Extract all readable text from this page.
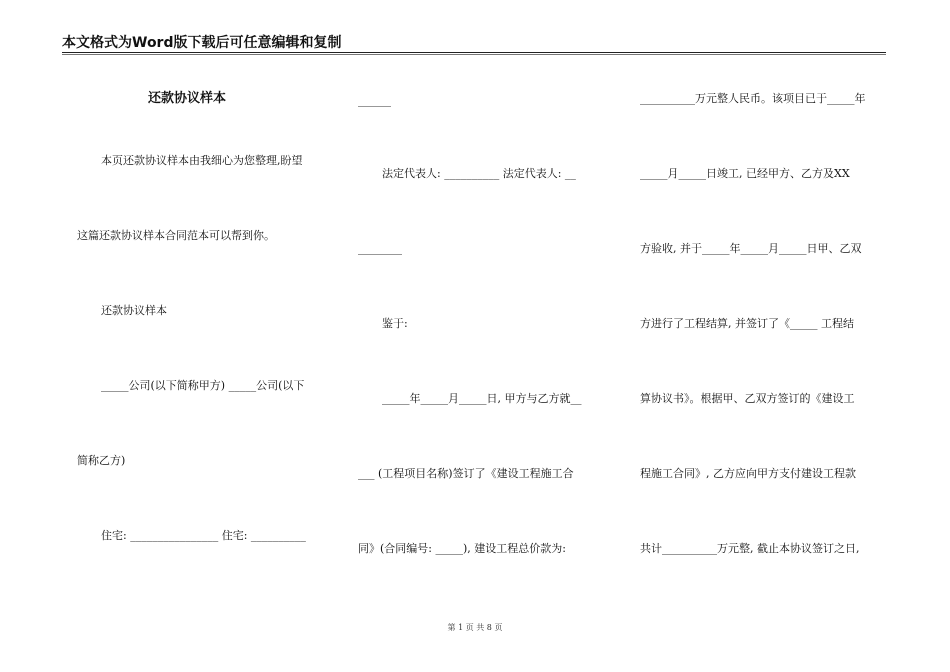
本文格式为Word版下载后可任意编辑和复制
还款协议样本
本页还款协议样本由我细心为您整理,盼望
这篇还款协议样本合同范本可以帮到你。
还款协议样本
_____公司(以下简称甲方) _____公司(以下
简称乙方)
住宅: ________________ 住宅: __________
______
法定代表人: __________ 法定代表人: __
________
鉴于:
_____年_____月_____日, 甲方与乙方就__
___ (工程项目名称)签订了《建设工程施工合
同》(合同编号: _____), 建设工程总价款为:
__________万元整人民币。该项目已于_____年
_____月_____日竣工, 已经甲方、乙方及XX
方验收, 并于_____年_____月_____日甲、乙双
方进行了工程结算, 并签订了《_____ 工程结
算协议书》。根据甲、乙双方签订的《建设工
程施工合同》, 乙方应向甲方支付建设工程款
共计__________万元整, 截止本协议签订之日,
第 1 页 共 8 页
